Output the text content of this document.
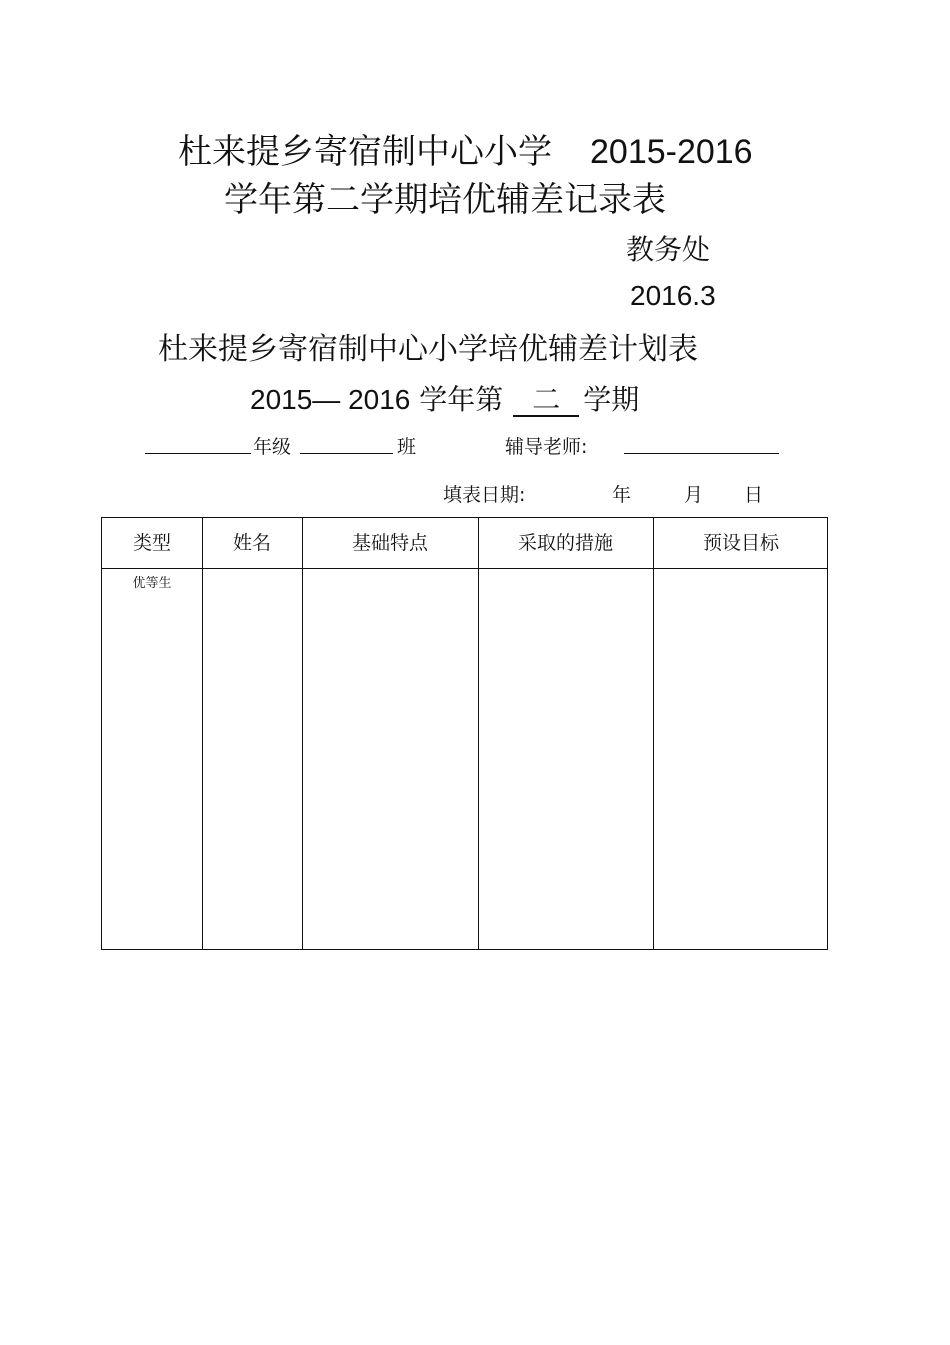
杜来提乡寄宿制中心小学 2015-2016
学年第二学期培优辅差记录表
教务处
2016.3
杜来提乡寄宿制中心小学培优辅差计划表
2015— 2016 学年第 二 学期
年级	班	辅导老师:
填表日期:	年	月 日
类型	姓名	基础特点	采取的措施	预设目标
优等生
